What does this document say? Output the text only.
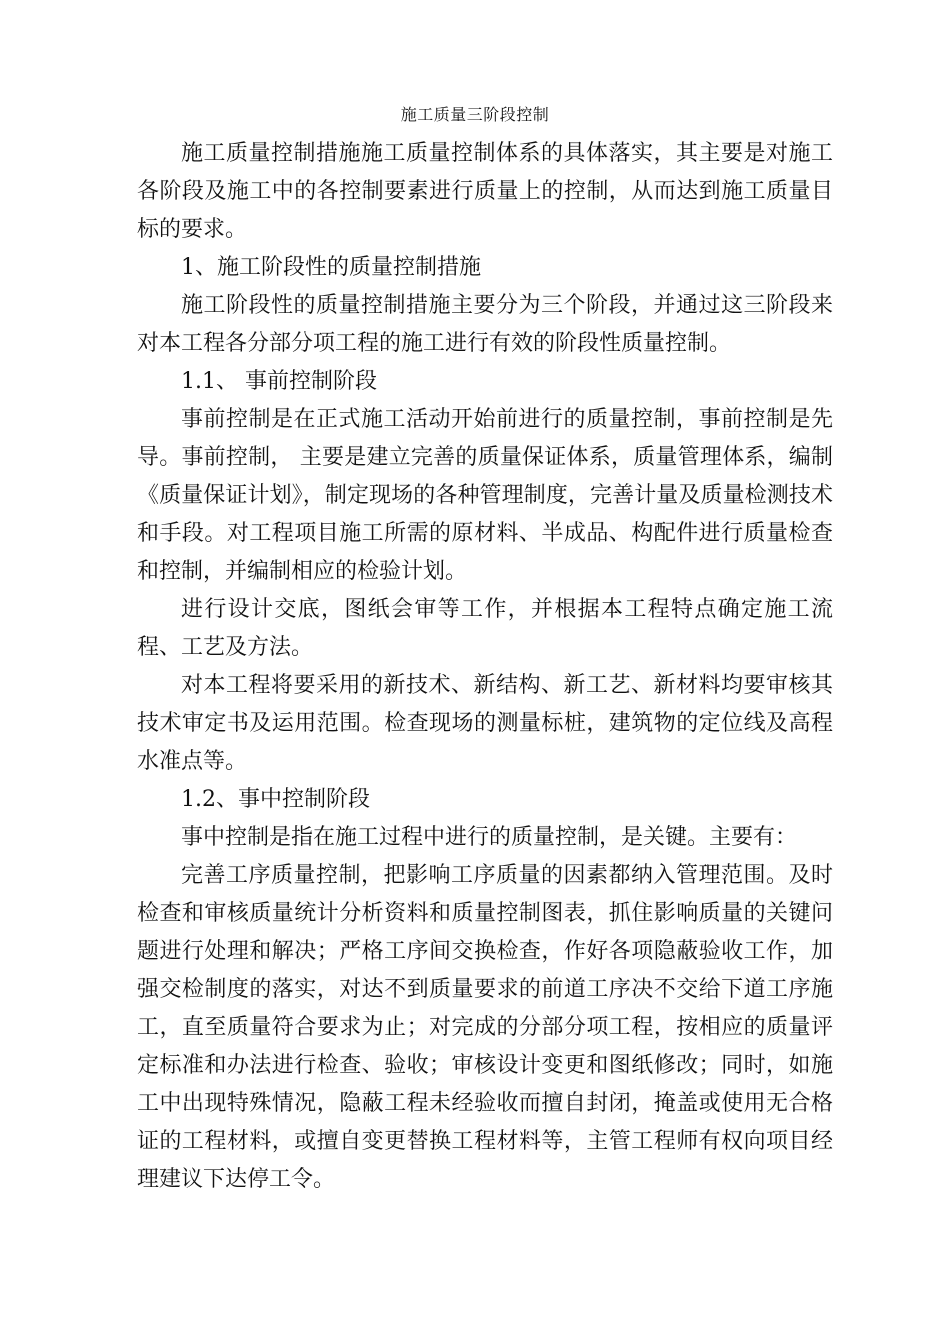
施工质量三阶段控制

施工质量控制措施施工质量控制体系的具体落实，其主要是对施工各阶段及施工中的各控制要素进行质量上的控制，从而达到施工质量目标的要求。

1、施工阶段性的质量控制措施

施工阶段性的质量控制措施主要分为三个阶段，并通过这三阶段来对本工程各分部分项工程的施工进行有效的阶段性质量控制。

1.1、 事前控制阶段

事前控制是在正式施工活动开始前进行的质量控制，事前控制是先导。事前控制， 主要是建立完善的质量保证体系，质量管理体系，编制《质量保证计划》，制定现场的各种管理制度，完善计量及质量检测技术和手段。对工程项目施工所需的原材料、半成品、构配件进行质量检查和控制，并编制相应的检验计划。

进行设计交底，图纸会审等工作，并根据本工程特点确定施工流程、工艺及方法。

对本工程将要采用的新技术、新结构、新工艺、新材料均要审核其技术审定书及运用范围。检查现场的测量标桩，建筑物的定位线及高程水准点等。

1.2、事中控制阶段

事中控制是指在施工过程中进行的质量控制，是关键。主要有：

完善工序质量控制，把影响工序质量的因素都纳入管理范围。及时检查和审核质量统计分析资料和质量控制图表，抓住影响质量的关键问题进行处理和解决；严格工序间交换检查，作好各项隐蔽验收工作，加强交检制度的落实，对达不到质量要求的前道工序决不交给下道工序施工，直至质量符合要求为止；对完成的分部分项工程，按相应的质量评定标准和办法进行检查、验收；审核设计变更和图纸修改；同时，如施工中出现特殊情况，隐蔽工程未经验收而擅自封闭，掩盖或使用无合格证的工程材料，或擅自变更替换工程材料等，主管工程师有权向项目经理建议下达停工令。
